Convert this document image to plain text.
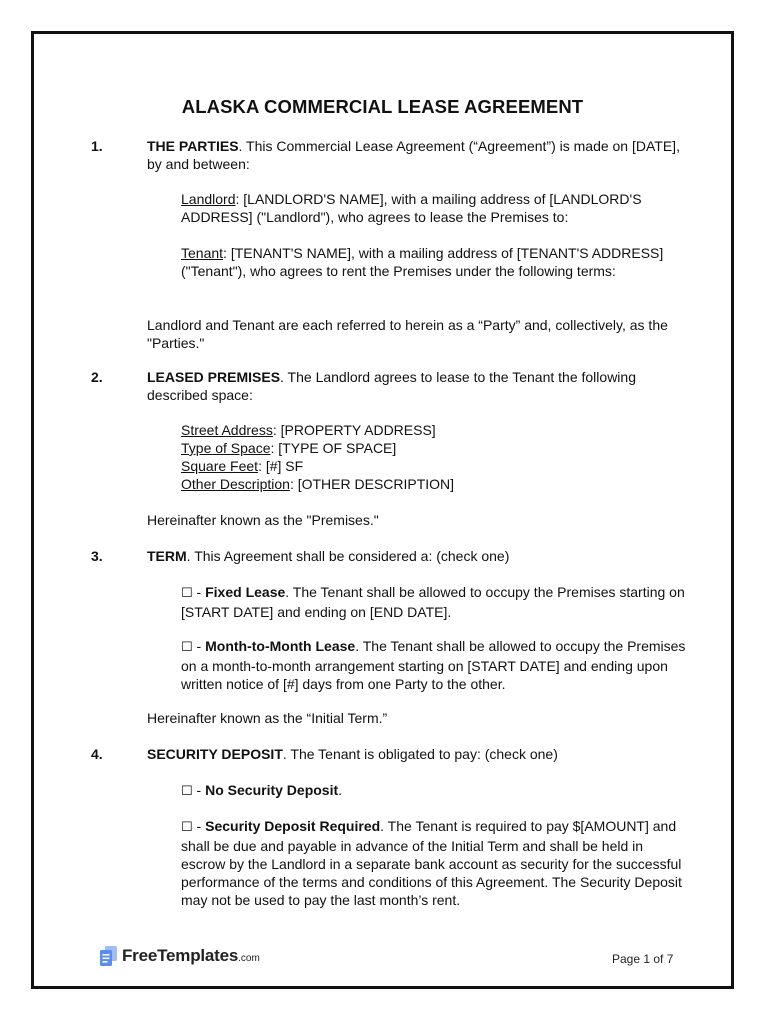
ALASKA COMMERCIAL LEASE AGREEMENT
1.	THE PARTIES. This Commercial Lease Agreement (“Agreement”) is made on [DATE], by and between:
Landlord: [LANDLORD'S NAME], with a mailing address of [LANDLORD'S ADDRESS] ("Landlord"), who agrees to lease the Premises to:
Tenant: [TENANT'S NAME], with a mailing address of [TENANT'S ADDRESS] ("Tenant"), who agrees to rent the Premises under the following terms:
Landlord and Tenant are each referred to herein as a “Party” and, collectively, as the "Parties."
2.	LEASED PREMISES. The Landlord agrees to lease to the Tenant the following described space:
Street Address: [PROPERTY ADDRESS]
Type of Space: [TYPE OF SPACE]
Square Feet: [#] SF
Other Description: [OTHER DESCRIPTION]
Hereinafter known as the "Premises."
3.	TERM. This Agreement shall be considered a: (check one)
☐ - Fixed Lease. The Tenant shall be allowed to occupy the Premises starting on [START DATE] and ending on [END DATE].
☐ - Month-to-Month Lease. The Tenant shall be allowed to occupy the Premises on a month-to-month arrangement starting on [START DATE] and ending upon written notice of [#] days from one Party to the other.
Hereinafter known as the “Initial Term.”
4.	SECURITY DEPOSIT. The Tenant is obligated to pay: (check one)
☐ - No Security Deposit.
☐ - Security Deposit Required. The Tenant is required to pay $[AMOUNT] and shall be due and payable in advance of the Initial Term and shall be held in escrow by the Landlord in a separate bank account as security for the successful performance of the terms and conditions of this Agreement. The Security Deposit may not be used to pay the last month’s rent.
FreeTemplates.com	Page 1 of 7
